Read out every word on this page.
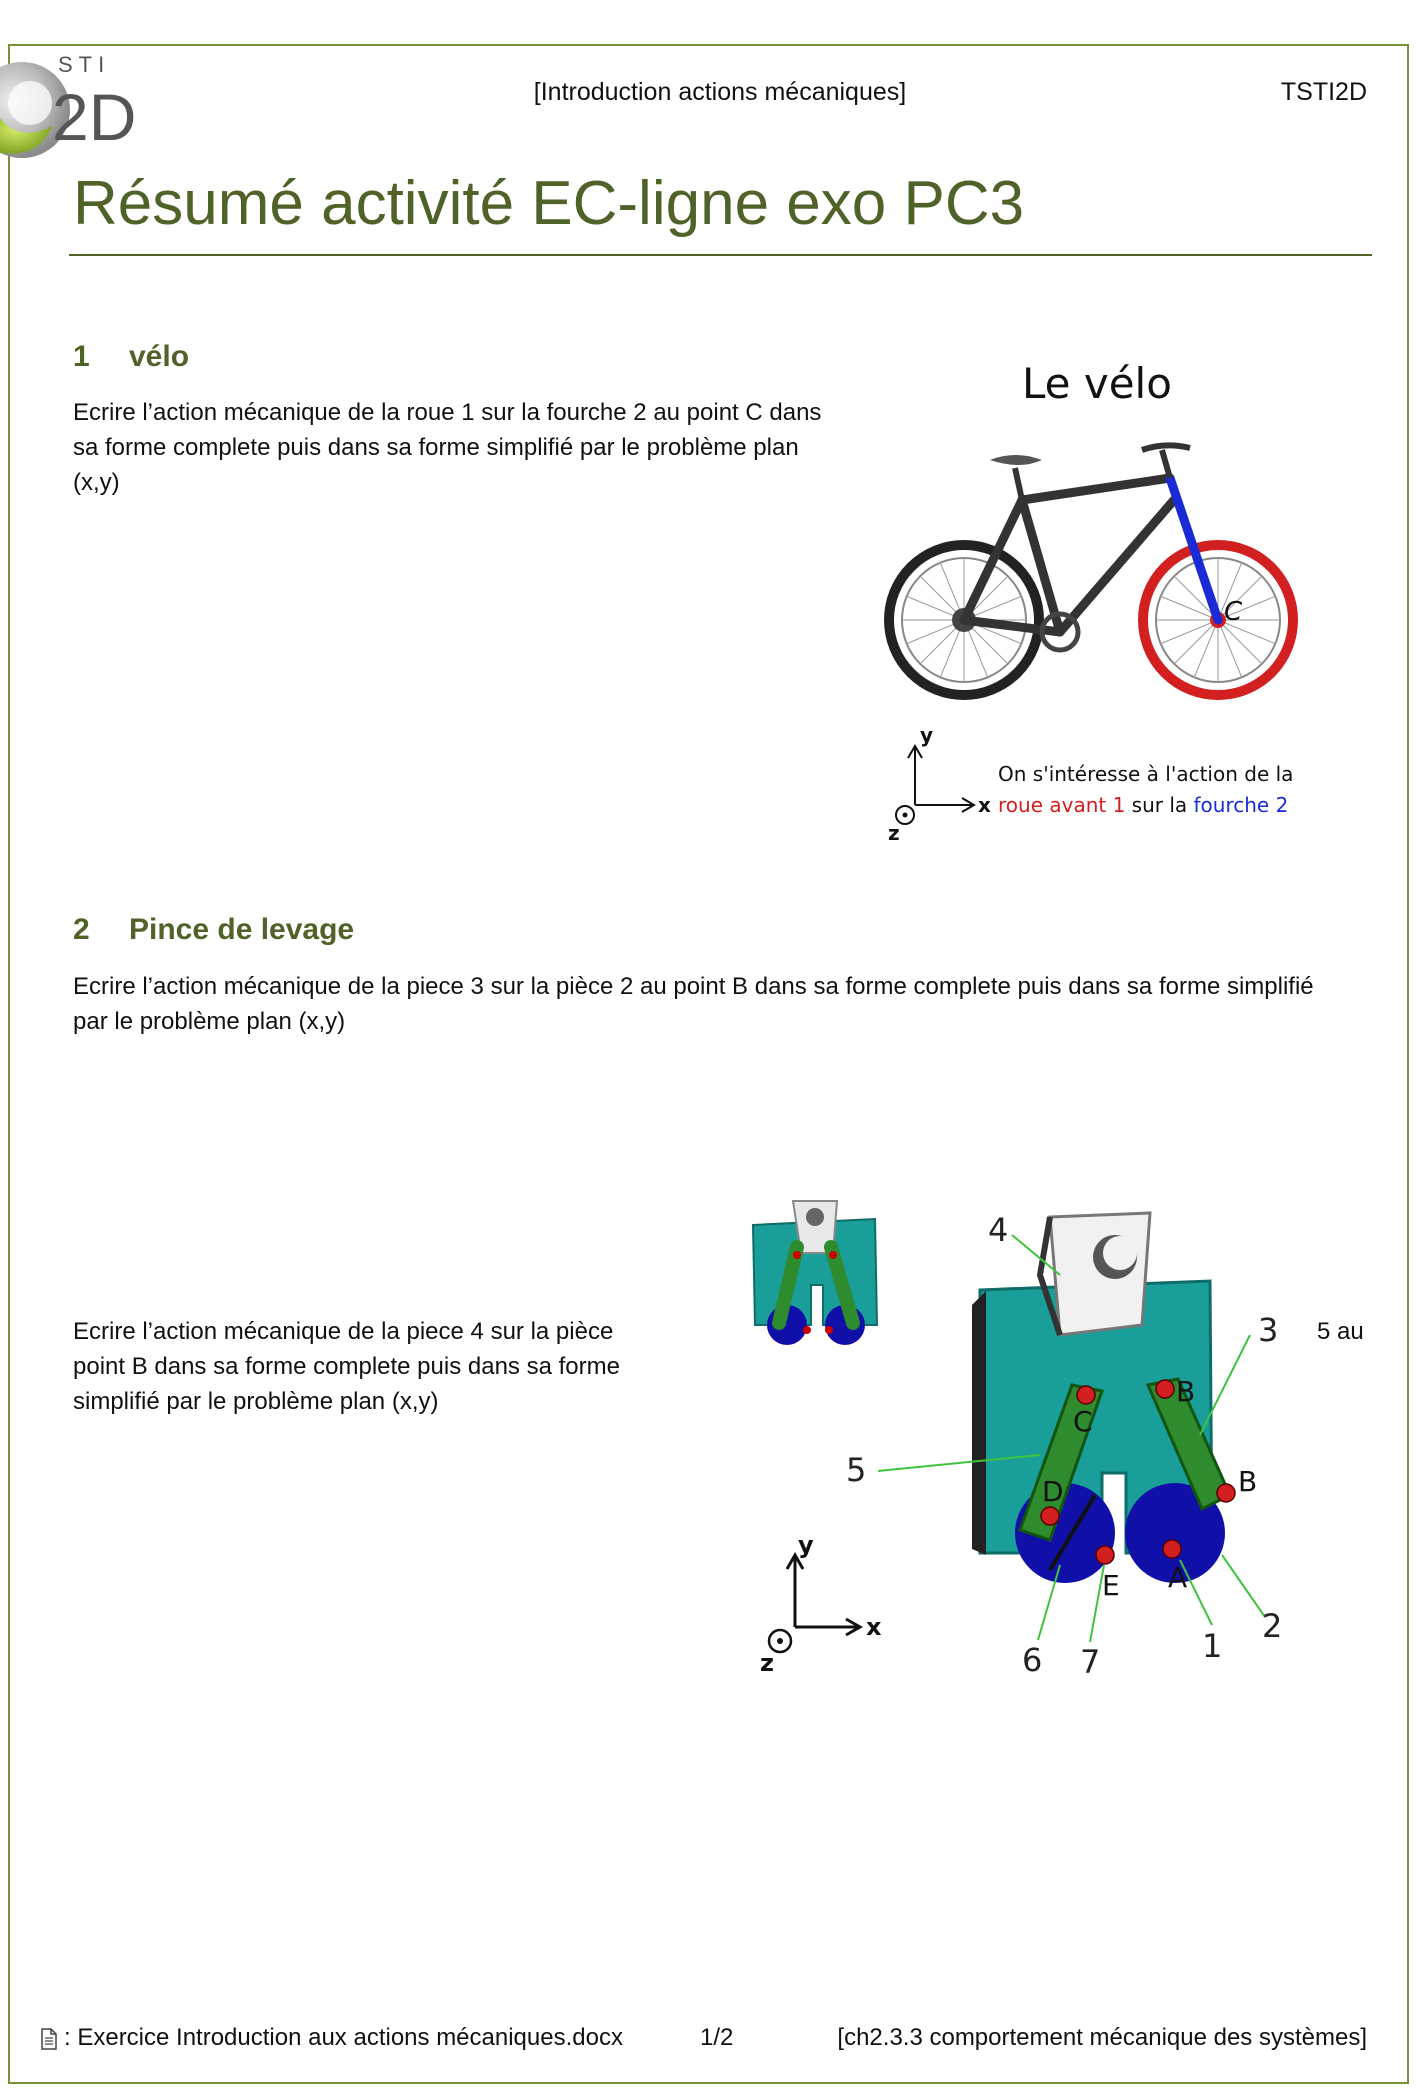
STI
2D	[Introduction actions mécaniques]	TSTI2D
Résumé activité EC-ligne exo PC3
1 vélo

Ecrire l’action mécanique de la roue 1 sur la fourche 2 au point C dans sa forme complete puis dans sa forme simplifié par le problème plan (x,y)

Le vélo
C
y
x
z
On s'intéresse à l'action de la
roue avant 1 sur la fourche 2
2 Pince de levage

Ecrire l’action mécanique de la piece 3 sur la pièce 2 au point B dans sa forme complete puis dans sa forme simplifié par le problème plan (x,y)

Ecrire l’action mécanique de la piece 4 sur la pièce
point B dans sa forme complete puis dans sa forme
simplifié par le problème plan (x,y)

5 au
4
3
5
6 7	1
2
B
C
D	B
E A
y
x
z
: Exercice Introduction aux actions mécaniques.docx	1/2	[ch2.3.3 comportement mécanique des systèmes]
